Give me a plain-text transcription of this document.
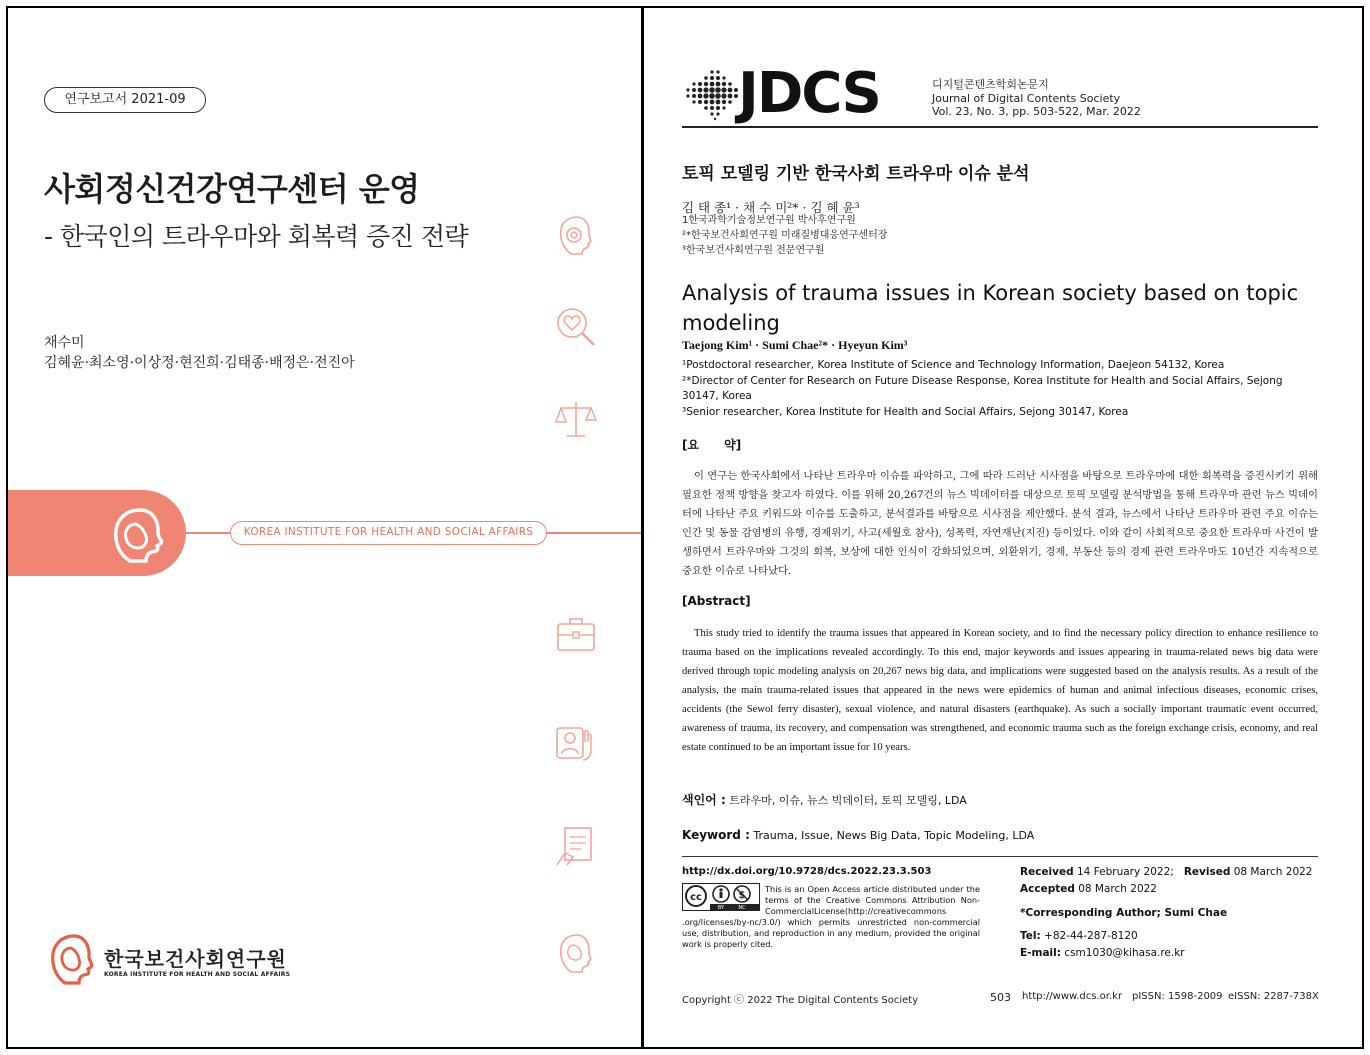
연구보고서 2021-09
사회정신건강연구센터 운영
- 한국인의 트라우마와 회복력 증진 전략
채수미
김혜윤·최소영·이상정·현진희·김태종·배정은·전진아
KOREA INSTITUTE FOR HEALTH AND SOCIAL AFFAIRS
한국보건사회연구원
KOREA INSTITUTE FOR HEALTH AND SOCIAL AFFAIRS
JDCS	디지털콘텐츠학회논문지
Journal of Digital Contents Society
Vol. 23, No. 3, pp. 503-522, Mar. 2022
토픽 모델링 기반 한국사회 트라우마 이슈 분석
김 태 종¹ · 채 수 미²* · 김 혜 윤³
1한국과학기술정보연구원 박사후연구원
²*한국보건사회연구원 미래질병대응연구센터장
³한국보건사회연구원 전문연구원
Analysis of trauma issues in Korean society based on topic modeling
Taejong Kim¹ · Sumi Chae²* · Hyeyun Kim³
¹Postdoctoral researcher, Korea Institute of Science and Technology Information, Daejeon 54132, Korea
²*Director of Center for Research on Future Disease Response, Korea Institute for Health and Social Affairs, Sejong 30147, Korea
³Senior researcher, Korea Institute for Health and Social Affairs, Sejong 30147, Korea
[요      약]
이 연구는 한국사회에서 나타난 트라우마 이슈를 파악하고, 그에 따라 드러난 시사점을 바탕으로 트라우마에 대한 회복력을 증진시키기 위해 필요한 정책 방향을 찾고자 하였다. 이를 위해 20,267건의 뉴스 빅데이터를 대상으로 토픽 모델링 분석방법을 통해 트라우마 관련 뉴스 빅데이터에 나타난 주요 키워드와 이슈를 도출하고, 분석결과를 바탕으로 시사점을 제안했다. 분석 결과, 뉴스에서 나타난 트라우마 관련 주요 이슈는 인간 및 동물 감염병의 유행, 경제위기, 사고(세월호 참사), 성폭력, 자연재난(지진) 등이었다. 이와 같이 사회적으로 중요한 트라우마 사건이 발생하면서 트라우마와 그것의 회복, 보상에 대한 인식이 강화되었으며, 외환위기, 경제, 부동산 등의 경제 관련 트라우마도 10년간 지속적으로 중요한 이슈로 나타났다.
[Abstract]
This study tried to identify the trauma issues that appeared in Korean society, and to find the necessary policy direction to enhance resilience to trauma based on the implications revealed accordingly. To this end, major keywords and issues appearing in trauma-related news big data were derived through topic modeling analysis on 20,267 news big data, and implications were suggested based on the analysis results. As a result of the analysis, the main trauma-related issues that appeared in the news were epidemics of human and animal infectious diseases, economic crises, accidents (the Sewol ferry disaster), sexual violence, and natural disasters (earthquake). As such a socially important traumatic event occurred, awareness of trauma, its recovery, and compensation was strengthened, and economic trauma such as the foreign exchange crisis, economy, and real estate continued to be an important issue for 10 years.
색인어 : 트라우마, 이슈, 뉴스 빅데이터, 토픽 모델링, LDA
Keyword : Trauma, Issue, News Big Data, Topic Modeling, LDA
http://dx.doi.org/10.9728/dcs.2022.23.3.503
cc	$
BY	NC
This is an Open Access article distributed under the terms of the Creative Commons Attribution Non-CommercialLicense(http://creativecommons
.org/licenses/by-nc/3.0/) which permits unrestricted non-commercial use, distribution, and reproduction in any medium, provided the original work is properly cited.
Received 14 February 2022; Revised 08 March 2022
Accepted 08 March 2022
*Corresponding Author; Sumi Chae
Tel: +82-44-287-8120
E-mail: csm1030@kihasa.re.kr
Copyright ⓒ 2022 The Digital Contents Society	503 http://www.dcs.or.kr pISSN: 1598-2009 eISSN: 2287-738X
